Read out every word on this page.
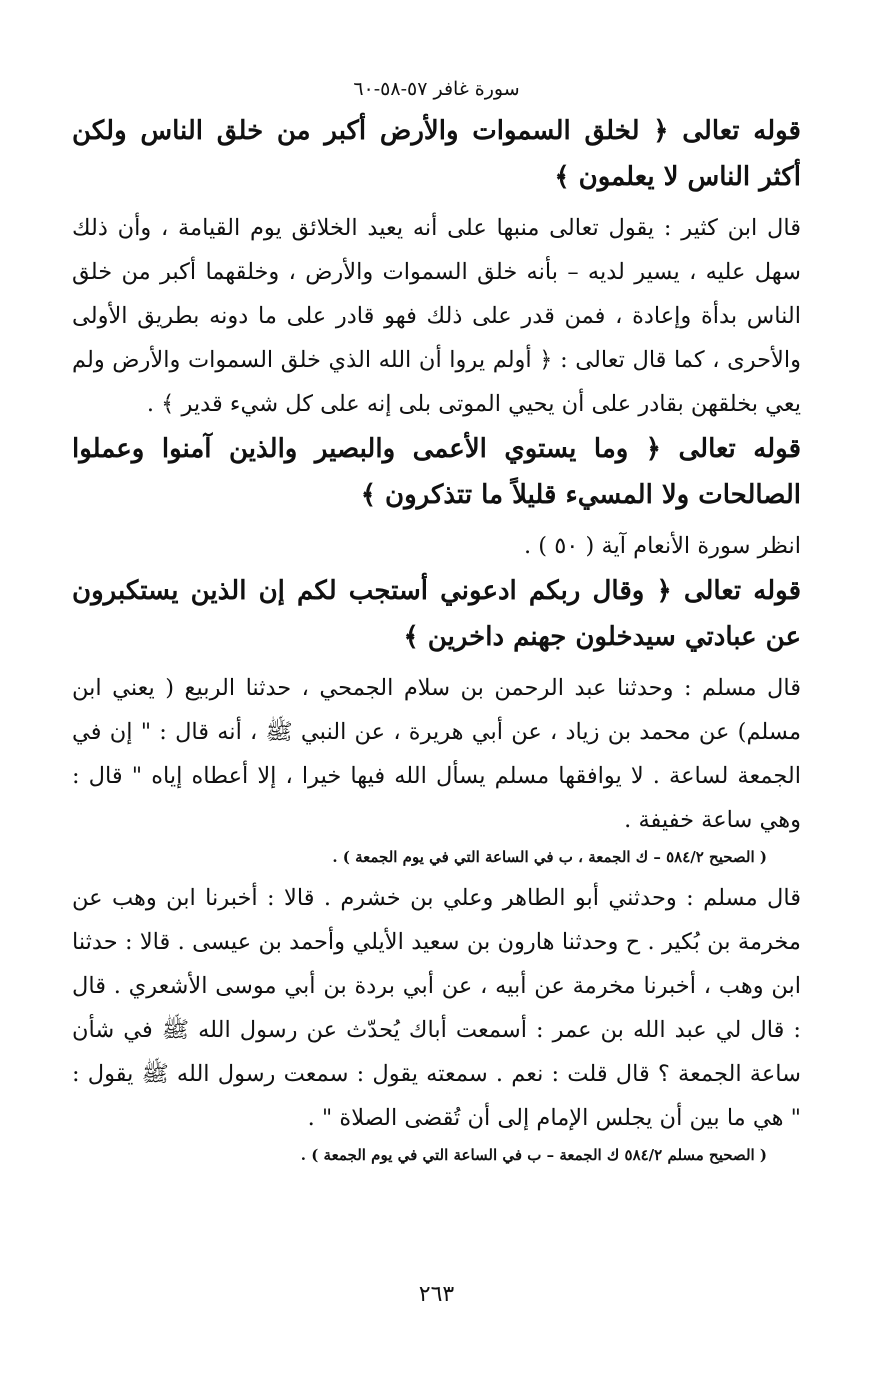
سورة غافر ٥٧-٥٨-٦٠
قوله تعالى ﴿ لخلق السموات والأرض أكبر من خلق الناس ولكن أكثر الناس لا يعلمون ﴾
قال ابن كثير : يقول تعالى منبها على أنه يعيد الخلائق يوم القيامة ، وأن ذلك سهل عليه ، يسير لديه – بأنه خلق السموات والأرض ، وخلقهما أكبر من خلق الناس بدأة وإعادة ، فمن قدر على ذلك فهو قادر على ما دونه بطريق الأولى والأحرى ، كما قال تعالى : ﴿ أولم يروا أن الله الذي خلق السموات والأرض ولم يعي بخلقهن بقادر على أن يحيي الموتى بلى إنه على كل شيء قدير ﴾ .
قوله تعالى ﴿ وما يستوي الأعمى والبصير والذين آمنوا وعملوا الصالحات ولا المسيء قليلاً ما تتذكرون ﴾
انظر سورة الأنعام آية ( ٥٠ ) .
قوله تعالى ﴿ وقال ربكم ادعوني أستجب لكم إن الذين يستكبرون عن عبادتي سيدخلون جهنم داخرين ﴾
قال مسلم : وحدثنا عبد الرحمن بن سلام الجمحي ، حدثنا الربيع ( يعني ابن مسلم) عن محمد بن زياد ، عن أبي هريرة ، عن النبي ﷺ ، أنه قال : " إن في الجمعة لساعة . لا يوافقها مسلم يسأل الله فيها خيرا ، إلا أعطاه إياه " قال : وهي ساعة خفيفة .
( الصحيح ٥٨٤/٢ – ك الجمعة ، ب في الساعة التي في يوم الجمعة ) .
قال مسلم : وحدثني أبو الطاهر وعلي بن خشرم . قالا : أخبرنا ابن وهب عن مخرمة بن بُكير . ح وحدثنا هارون بن سعيد الأيلي وأحمد بن عيسى . قالا : حدثنا ابن وهب ، أخبرنا مخرمة عن أبيه ، عن أبي بردة بن أبي موسى الأشعري . قال : قال لي عبد الله بن عمر : أسمعت أباك يُحدّث عن رسول الله ﷺ في شأن ساعة الجمعة ؟ قال قلت : نعم . سمعته يقول : سمعت رسول الله ﷺ يقول : " هي ما بين أن يجلس الإمام إلى أن تُقضى الصلاة " .
( الصحيح مسلم ٥٨٤/٢ ك الجمعة – ب في الساعة التي في يوم الجمعة ) .
٢٦٣
